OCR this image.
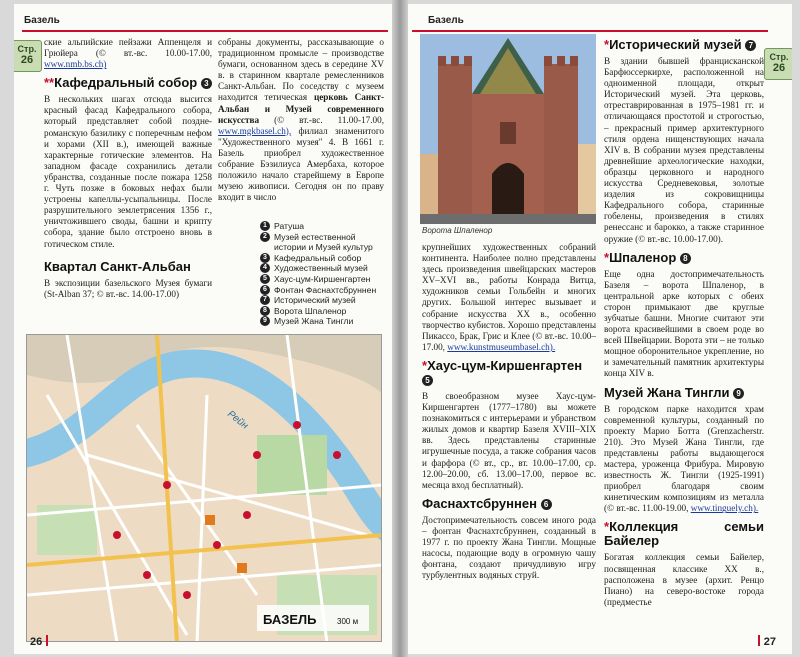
Базель
Стр.
26

ские альпийские пейзажи Аппенцеля и Грюйера (© вт.-вс. 10.00-17.00, www.nmb.bs.ch)

**Кафедральный собор 3

В нескольких шагах отсюда высится красный фасад Кафедрального собора, который представляет собой поздне-романскую базилику с поперечным нефом и хорами (XII в.), имеющей важные характерные готические элементов. На западном фасаде сохранились детали убранства, созданные после пожара 1258 г. Чуть позже в боковых нефах были устроены капеллы-усыпальницы. После разрушительного землетрясения 1356 г., уничтожившего своды, башни и крипту собора, здание было отстроено вновь в готическом стиле.

Квартал Санкт-Альбан

В экспозиции базельского Музея бумаги (St-Alban 37; © вт.-вс. 14.00-17.00)

собраны документы, рассказывающие о традиционном промысле – производстве бумаги, основанном здесь в середине XV в. в старинном квартале ремесленников Санкт-Альбан. По соседству с музеем находится тетическая церковь Санкт-Альбан и Музей современного искусства (© вт.-вс. 11.00-17.00, www.mgkbasel.ch), филиал знаменитого "Художественного музея" 4. В 1661 г. Базель приобрел художественное собрание Бэзилиуса Амербаха, которое положило начало старейшему в Европе музею живописи. Сегодня он по праву входит в число

1 Ратуша
2 Музей естественной истории и Музей культур
3 Кафедральный собор
4 Художественный музей
5 Хаус-цум-Киршенгартен
6 Фонтан Фаснахтсбруннен
7 Исторический музей
8 Ворота Шпаленор
9 Музей Жана Тингли
Рейн
БАЗЕЛЬ	300 м
26
Базель
Стр.
26
Ворота Шпаленор

крупнейших художественных собраний континента. Наиболее полно представлены здесь произведения швейцарских мастеров XV–XVI вв., работы Конрада Витца, художников семьи Гольбейн и многих других. Большой интерес вызывает и собрание искусства XX в., особенно творчество кубистов. Хорошо представлены Пикассо, Брак, Грис и Клее (© вт.-вс. 10.00–17.00, www.kunstmuseumbasel.ch).

*Хаус-цум-Киршенгартен 5

В своеобразном музее Хаус-цум-Киршенгартен (1777–1780) вы можете познакомиться с интерьерами и убранством жилых домов и квартир Базеля XVIII–XIX вв. Здесь представлены старинные игрушечные посуда, а также собрания часов и фарфора (© вт., ср., вт. 10.00–17.00, ср. 12.00–20.00, сб. 13.00–17.00, первое вс. месяца вход бесплатный).

Фаснахтсбруннен 6

Достопримечательность совсем иного рода – фонтан Фаснахтсбруннен, созданный в 1977 г. по проекту Жана Тингли. Мощные насосы, подающие воду в огромную чашу фонтана, создают причудливую игру турбулентных водяных струй.

*Исторический музей 7

В здании бывшей францисканской Барфюссеркирхе, расположенной на одноименной площади, открыт Исторический музей. Эта церковь, отреставрированная в 1975–1981 гг. и отличающаяся простотой и строгостью, – прекрасный пример архитектурного стиля ордена нищенствующих начала XIV в. В собрании музея представлены древнейшие археологические находки, образцы церковного и народного искусства Средневековья, золотые изделия из сокровищницы Кафедрального собора, старинные гобелены, произведения в стилях ренессанс и барокко, а также старинное оружие (© вт.-вс. 10.00-17.00).

*Шпаленор 8

Еще одна достопримечательность Базеля – ворота Шпаленор, в центральной арке которых с обеих сторон примыкают две круглые зубчатые башни. Многие считают эти ворота красивейшими в своем роде во всей Швейцарии. Ворота эти – не только мощное оборонительное укрепление, но и замечательный памятник архитектуры конца XIV в.

Музей Жана Тингли 9

В городском парке находится храм современной культуры, созданный по проекту Марио Ботта (Grenzacherstr. 210). Это Музей Жана Тингли, где представлены работы выдающегося мастера, уроженца Фрибура. Мировую известность Ж. Тингли (1925-1991) приобрел благодаря своим кинетическим композициям из металла (© вт.-вс. 11.00-19.00, www.tinguely.ch).

*Коллекция семьи Байелер

Богатая коллекция семьи Байелер, посвященная классике XX в., расположена в музее (архит. Ренцо Пиано) на северо-востоке города (предместье

27
